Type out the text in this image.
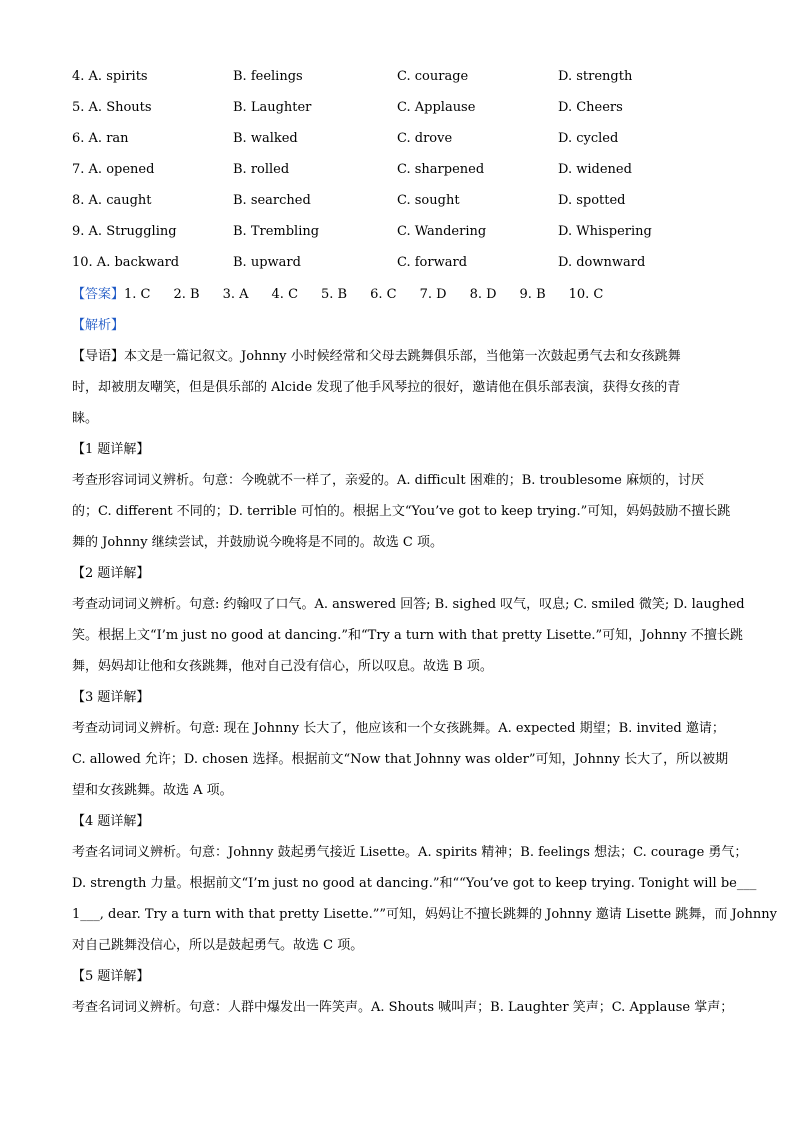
4. A. spirits	B. feelings	C. courage	D. strength
5. A. Shouts	B. Laughter	C. Applause	D. Cheers
6. A. ran	B. walked	C. drove	D. cycled
7. A. opened	B. rolled	C. sharpened	D. widened
8. A. caught	B. searched	C. sought	D. spotted
9. A. Struggling	B. Trembling	C. Wandering	D. Whispering
10. A. backward	B. upward	C. forward	D. downward
【答案】1. C 2. B 3. A 4. C 5. B 6. C 7. D 8. D 9. B 10. C
【解析】
【导语】本文是一篇记叙文。Johnny 小时候经常和父母去跳舞俱乐部，当他第一次鼓起勇气去和女孩跳舞
时，却被朋友嘲笑，但是俱乐部的 Alcide 发现了他手风琴拉的很好，邀请他在俱乐部表演，获得女孩的青
睐。
【1 题详解】
考查形容词词义辨析。句意：今晚就不一样了，亲爱的。A. difficult 困难的；B. troublesome 麻烦的，讨厌
的；C. different 不同的；D. terrible 可怕的。根据上文“You’ve got to keep trying.”可知，妈妈鼓励不擅长跳
舞的 Johnny 继续尝试，并鼓励说今晚将是不同的。故选 C 项。
【2 题详解】
考查动词词义辨析。句意: 约翰叹了口气。A. answered 回答; B. sighed 叹气，叹息; C. smiled 微笑; D. laughed
笑。根据上文“I’m just no good at dancing.”和“Try a turn with that pretty Lisette.”可知，Johnny 不擅长跳
舞，妈妈却让他和女孩跳舞，他对自己没有信心，所以叹息。故选 B 项。
【3 题详解】
考查动词词义辨析。句意: 现在 Johnny 长大了，他应该和一个女孩跳舞。A. expected 期望；B. invited 邀请；
C. allowed 允许；D. chosen 选择。根据前文“Now that Johnny was older”可知，Johnny 长大了，所以被期
望和女孩跳舞。故选 A 项。
【4 题详解】
考查名词词义辨析。句意：Johnny 鼓起勇气接近 Lisette。A. spirits 精神；B. feelings 想法；C. courage 勇气；
D. strength 力量。根据前文“I’m just no good at dancing.”和““You’ve got to keep trying. Tonight will be___
1___, dear. Try a turn with that pretty Lisette.””可知，妈妈让不擅长跳舞的 Johnny 邀请 Lisette 跳舞，而 Johnny
对自己跳舞没信心，所以是鼓起勇气。故选 C 项。
【5 题详解】
考查名词词义辨析。句意：人群中爆发出一阵笑声。A. Shouts 喊叫声；B. Laughter 笑声；C. Applause 掌声；
